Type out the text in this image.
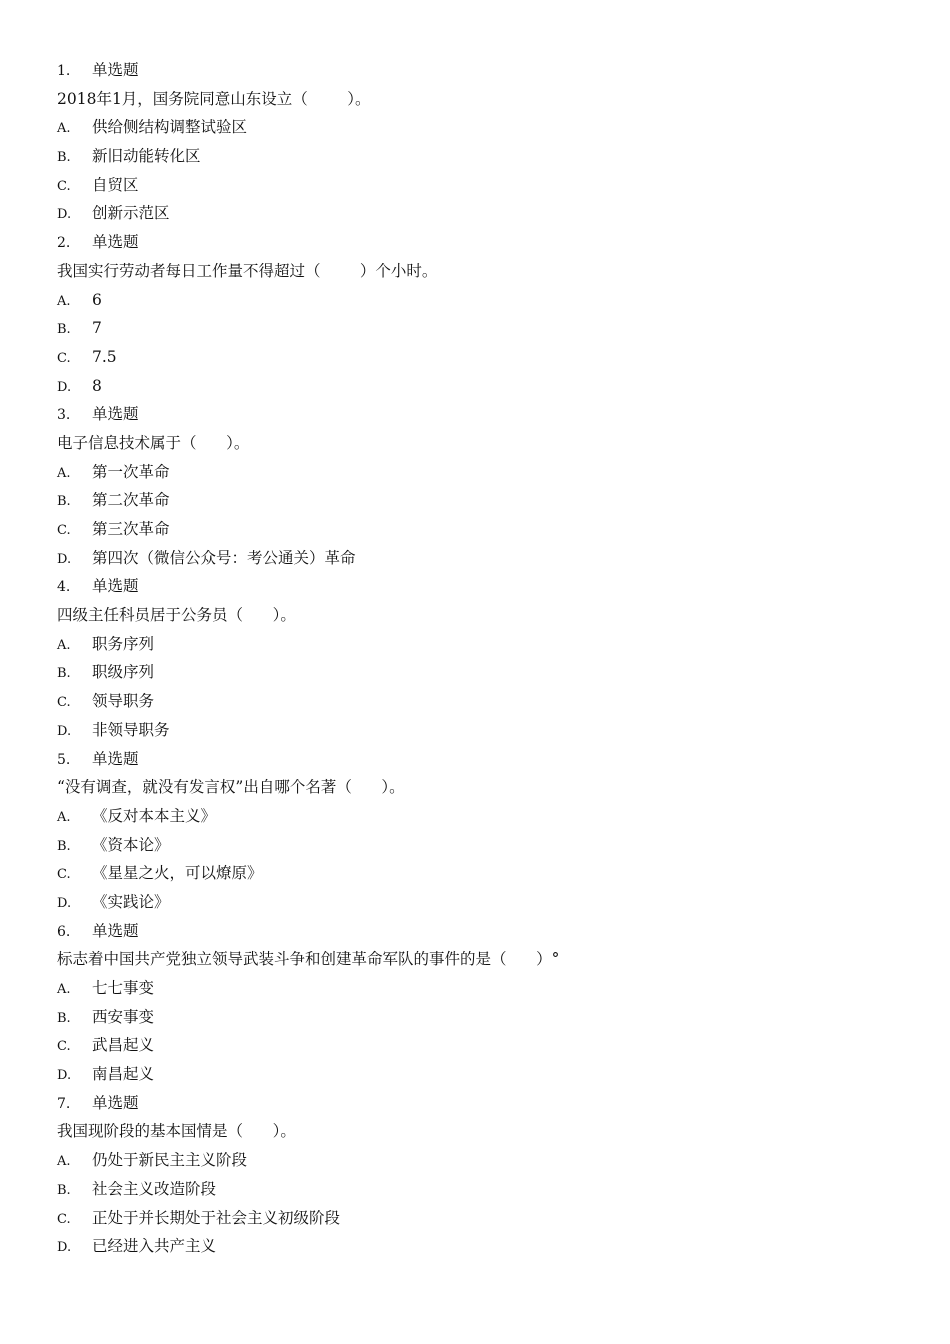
1. 单选题
2018年1月，国务院同意山东设立（        ）。
A. 供给侧结构调整试验区
B. 新旧动能转化区
C. 自贸区
D. 创新示范区
2. 单选题
我国实行劳动者每日工作量不得超过（        ）个小时。
A. 6
B. 7
C. 7.5
D. 8
3. 单选题
电子信息技术属于（      ）。
A. 第一次革命
B. 第二次革命
C. 第三次革命
D. 第四次（微信公众号：考公通关）革命
4. 单选题
四级主任科员居于公务员（      ）。
A. 职务序列
B. 职级序列
C. 领导职务
D. 非领导职务
5. 单选题
“没有调查，就没有发言权”出自哪个名著（      ）。
A. 《反对本本主义》
B. 《资本论》
C. 《星星之火，可以燎原》
D. 《实践论》
6. 单选题
标志着中国共产党独立领导武装斗争和创建革命军队的事件的是（      ）°
A. 七七事变
B. 西安事变
C. 武昌起义
D. 南昌起义
7. 单选题
我国现阶段的基本国情是（      ）。
A. 仍处于新民主主义阶段
B. 社会主义改造阶段
C. 正处于并长期处于社会主义初级阶段
D. 已经进入共产主义
